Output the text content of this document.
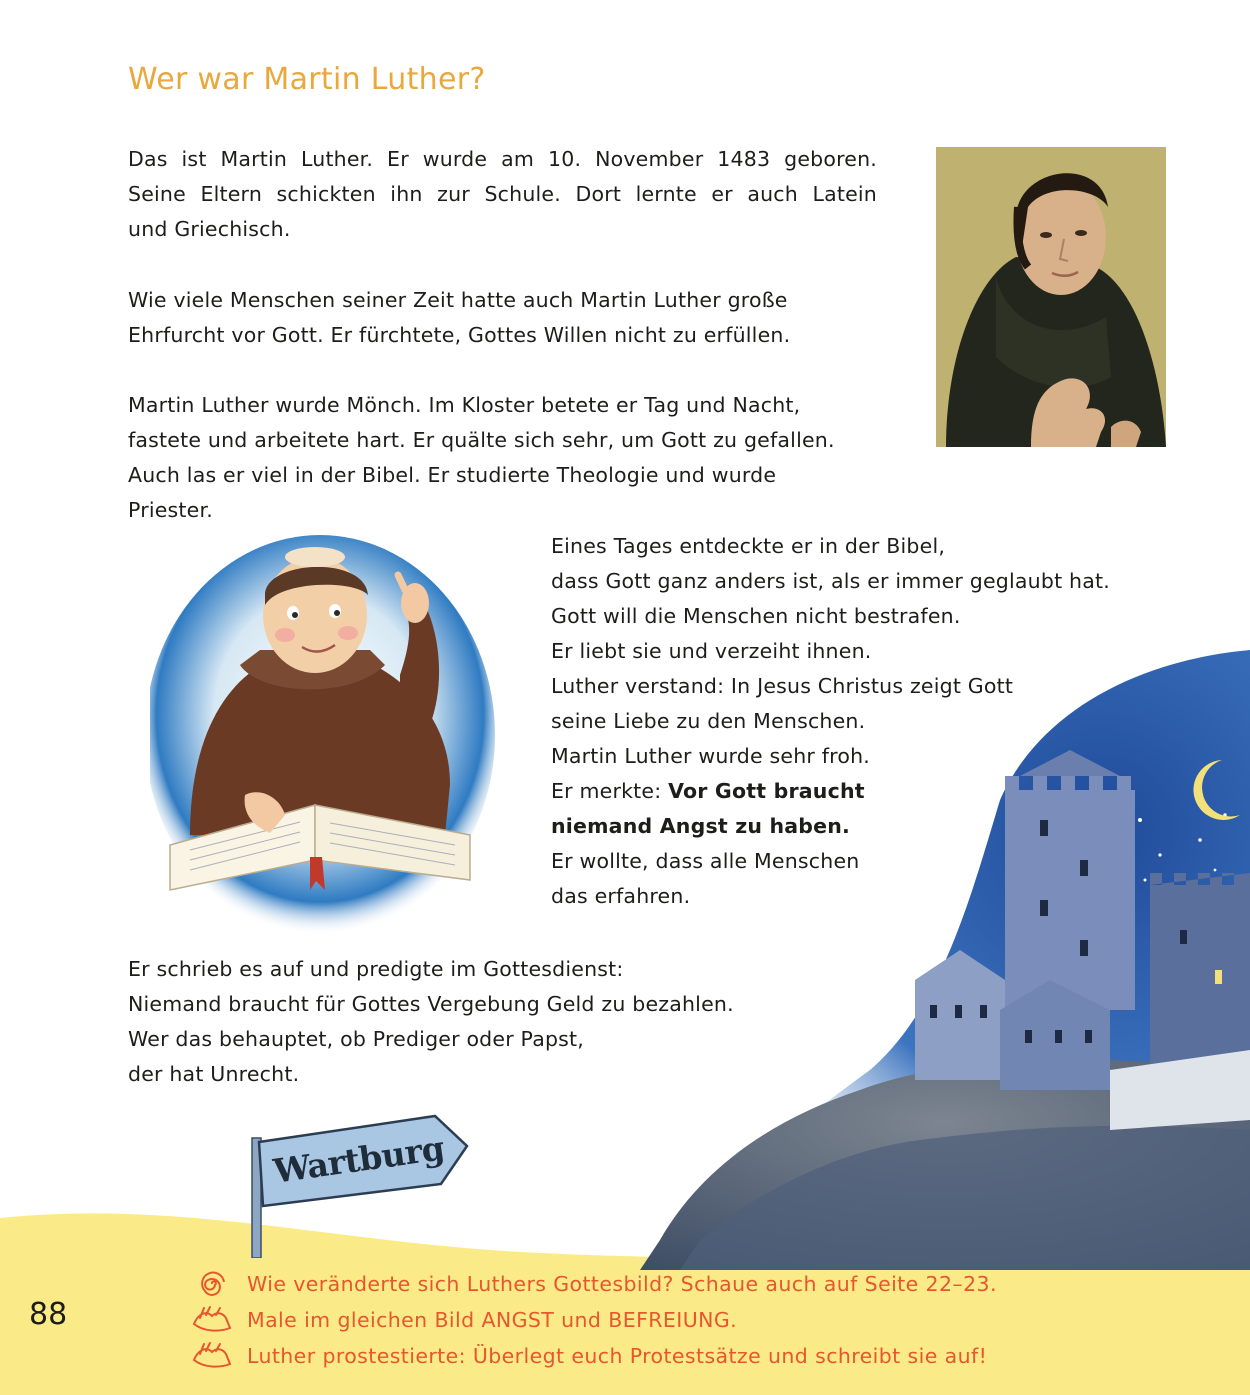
Wer war Martin Luther?
Das ist Martin Luther. Er wurde am 10. November 1483 geboren.
Seine Eltern schickten ihn zur Schule. Dort lernte er auch Latein
und Griechisch.
Wie viele Menschen seiner Zeit hatte auch Martin Luther große
Ehrfurcht vor Gott. Er fürchtete, Gottes Willen nicht zu erfüllen.
Martin Luther wurde Mönch. Im Kloster betete er Tag und Nacht,
fastete und arbeitete hart. Er quälte sich sehr, um Gott zu gefallen.
Auch las er viel in der Bibel. Er studierte Theologie und wurde
Priester.
Eines Tages entdeckte er in der Bibel,
dass Gott ganz anders ist, als er immer geglaubt hat.
Gott will die Menschen nicht bestrafen.
Er liebt sie und verzeiht ihnen.
Luther verstand: In Jesus Christus zeigt Gott
seine Liebe zu den Menschen.
Martin Luther wurde sehr froh.
Er merkte: Vor Gott braucht
niemand Angst zu haben.
Er wollte, dass alle Menschen
das erfahren.
Er schrieb es auf und predigte im Gottesdienst:
Niemand braucht für Gottes Vergebung Geld zu bezahlen.
Wer das behauptet, ob Prediger oder Papst,
der hat Unrecht.
Wartburg
88
Wie veränderte sich Luthers Gottesbild? Schaue auch auf Seite 22–23.
Male im gleichen Bild ANGST und BEFREIUNG.
Luther prostestierte: Überlegt euch Protestsätze und schreibt sie auf!
